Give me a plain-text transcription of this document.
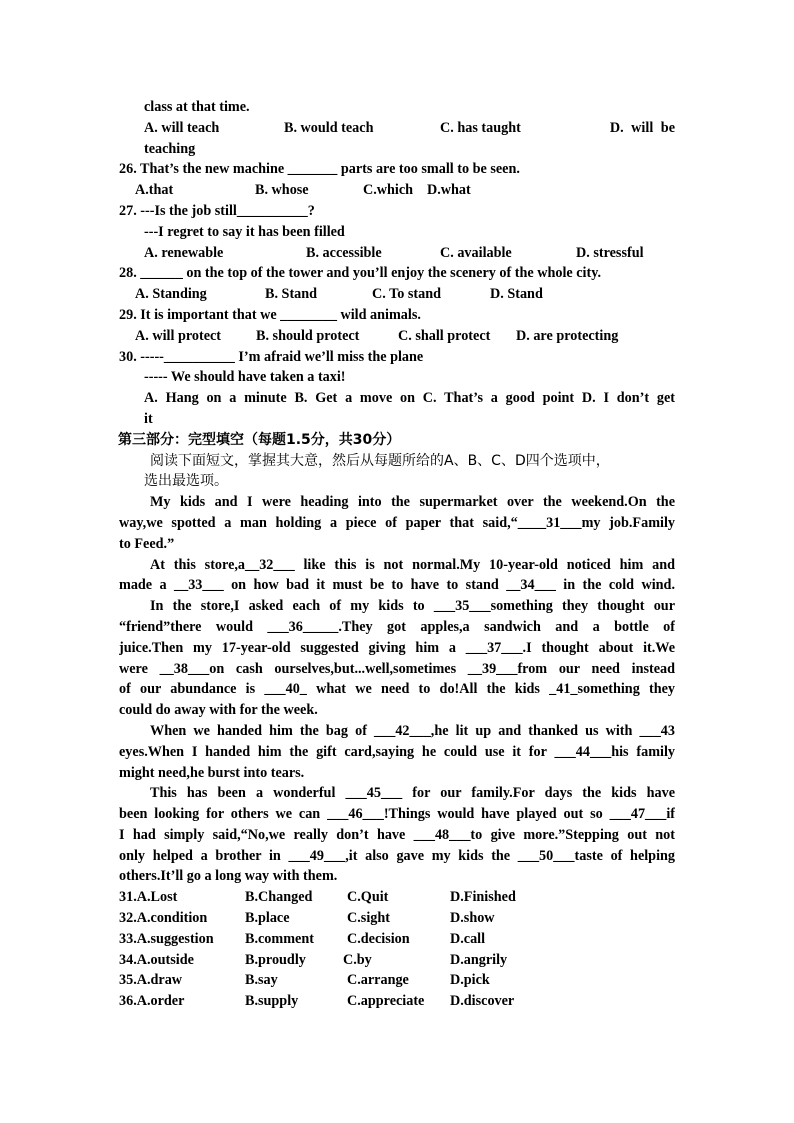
class at that time.
A. will teach	B. would teach	C. has taught	D. will be
teaching
26. That’s the new machine _______ parts are too small to be seen.
A.that	B. whose	C.which D.what
27. ---Is the job still__________?
---I regret to say it has been filled
A. renewable	B. accessible	C. available	D. stressful
28. ______ on the top of the tower and you’ll enjoy the scenery of the whole city.
A. Standing	B. Stand	C. To stand	D. Stand
29. It is important that we ________ wild animals.
A. will protect	B. should protect	C. shall protect	D. are protecting
30. -----__________ I’m afraid we’ll miss the plane
----- We should have taken a taxi!
A. Hang on a minute B. Get a move on C. That’s a good point D. I don’t get
it
第三部分：完型填空（每题1.5分，共30分）
阅读下面短文，掌握其大意，然后从每题所给的A、B、C、D四个选项中，
选出最选项。
My kids and I were heading into the supermarket over the weekend.On the
way,we spotted a man holding a piece of paper that said,“____31___my job.Family
to Feed.”
At this store,a__32___ like this is not normal.My 10-year-old noticed him and
made a __33___ on how bad it must be to have to stand __34___ in the cold wind.
In the store,I asked each of my kids to ___35___something they thought our
“friend”there would ___36_____.They got apples,a sandwich and a bottle of
juice.Then my 17-year-old suggested giving him a ___37___.I thought about it.We
were __38___on cash ourselves,but...well,sometimes __39___from our need instead
of our abundance is ___40_ what we need to do!All the kids _41_something they
could do away with for the week.
When we handed him the bag of ___42___,he lit up and thanked us with ___43
eyes.When I handed him the gift card,saying he could use it for ___44___his family
might need,he burst into tears.
This has been a wonderful ___45___ for our family.For days the kids have
been looking for others we can ___46___!Things would have played out so ___47___if
I had simply said,“No,we really don’t have ___48___to give more.”Stepping out not
only helped a brother in ___49___,it also gave my kids the ___50___taste of helping
others.It’ll go a long way with them.
31.A.Lost	B.Changed	C.Quit	D.Finished
32.A.condition	B.place	C.sight	D.show
33.A.suggestion	B.comment	C.decision	D.call
34.A.outside	B.proudly	C.by	D.angrily
35.A.draw	B.say	C.arrange	D.pick
36.A.order	B.supply	C.appreciate	D.discover
